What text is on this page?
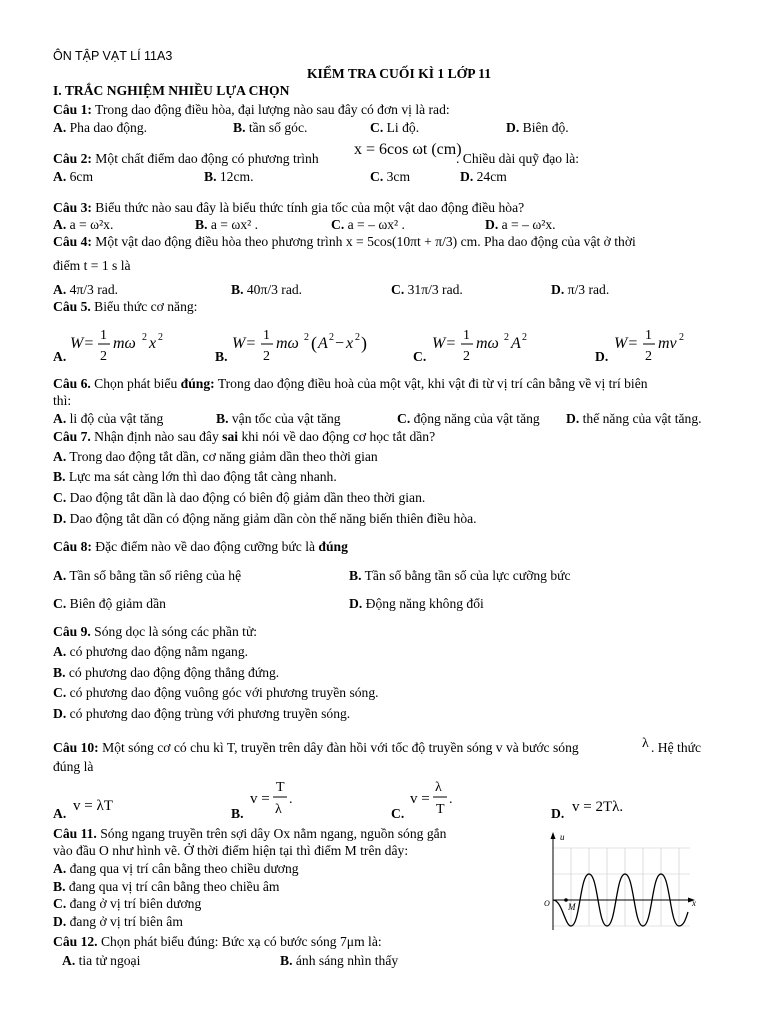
ÔN TẬP VẠT LÍ 11A3
KIỂM TRA CUỐI KÌ 1 LỚP 11
I. TRẮC NGHIỆM NHIỀU LỰA CHỌN
Câu 1: Trong dao động điều hòa, đại lượng nào sau đây có đơn vị là rad:
A. Pha dao động.	B. tần số góc.	C. Li độ.	D. Biên độ.
Câu 2: Một chất điểm dao động có phương trình
x = 6cos ωt (cm)
. Chiều dài quỹ đạo là:
A. 6cm	B. 12cm.	C. 3cm	D. 24cm
Câu 3: Biểu thức nào sau đây là biểu thức tính gia tốc của một vật dao động điều hòa?
A. a = ω²x.	B. a = ωx² .	C. a = – ωx² .	D. a = – ω²x.
Câu 4: Một vật dao động điều hòa theo phương trình x = 5cos(10πt + π/3) cm. Pha dao động của vật ở thời
điểm t = 1 s là
A. 4π/3 rad.	B. 40π/3 rad.	C. 31π/3 rad.	D. π/3 rad.
Câu 5. Biểu thức cơ năng:
A.	B.	C.	D.
W= 1
2
mω 2 x 2	W= 1
2
mω 2 ( A 2 − x 2 )	W= 1
2
mω 2 A 2	W= 1
2
mv 2
Câu 6. Chọn phát biểu đúng: Trong dao động điều hoà của một vật, khi vật đi từ vị trí cân bằng về vị trí biên
thì:
A. li độ của vật tăng	B. vận tốc của vật tăng	C. động năng của vật tăng D. thế năng của vật tăng.
Câu 7. Nhận định nào sau đây sai khi nói về dao động cơ học tắt dần?
A. Trong dao động tắt dần, cơ năng giảm dần theo thời gian
B. Lực ma sát càng lớn thì dao động tắt càng nhanh.
C. Dao động tắt dần là dao động có biên độ giảm dần theo thời gian.
D. Dao động tắt dần có động năng giảm dần còn thế năng biến thiên điều hòa.
Câu 8: Đặc điểm nào về dao động cưỡng bức là đúng
A. Tần số bằng tần số riêng của hệ	B. Tần số bằng tần số của lực cưỡng bức
C. Biên độ giảm dần	D. Động năng không đổi
Câu 9. Sóng dọc là sóng các phần tử:
A. có phương dao động nằm ngang.
B. có phương dao động động thẳng đứng.
C. có phương dao động vuông góc với phương truyền sóng.
D. có phương dao động trùng với phương truyền sóng.
Câu 10: Một sóng cơ có chu kì T, truyền trên dây đàn hồi với tốc độ truyền sóng v và bước sóng	λ . Hệ thức
đúng là
A. v = λT	B.
v =
T
λ
.
C.
v =
λ
T
.
D. v = 2Tλ.
Câu 11. Sóng ngang truyền trên sợi dây Ox nằm ngang, nguồn sóng gắn
vào đầu O như hình vẽ. Ở thời điểm hiện tại thì điểm M trên dây:
A. đang qua vị trí cân bằng theo chiều dương
B. đang qua vị trí cân bằng theo chiều âm
C. đang ở vị trí biên dương
D. đang ở vị trí biên âm
u
O M	x
Câu 12. Chọn phát biểu đúng: Bức xạ có bước sóng 7μm là:
A. tia tử ngoại	B. ánh sáng nhìn thấy
